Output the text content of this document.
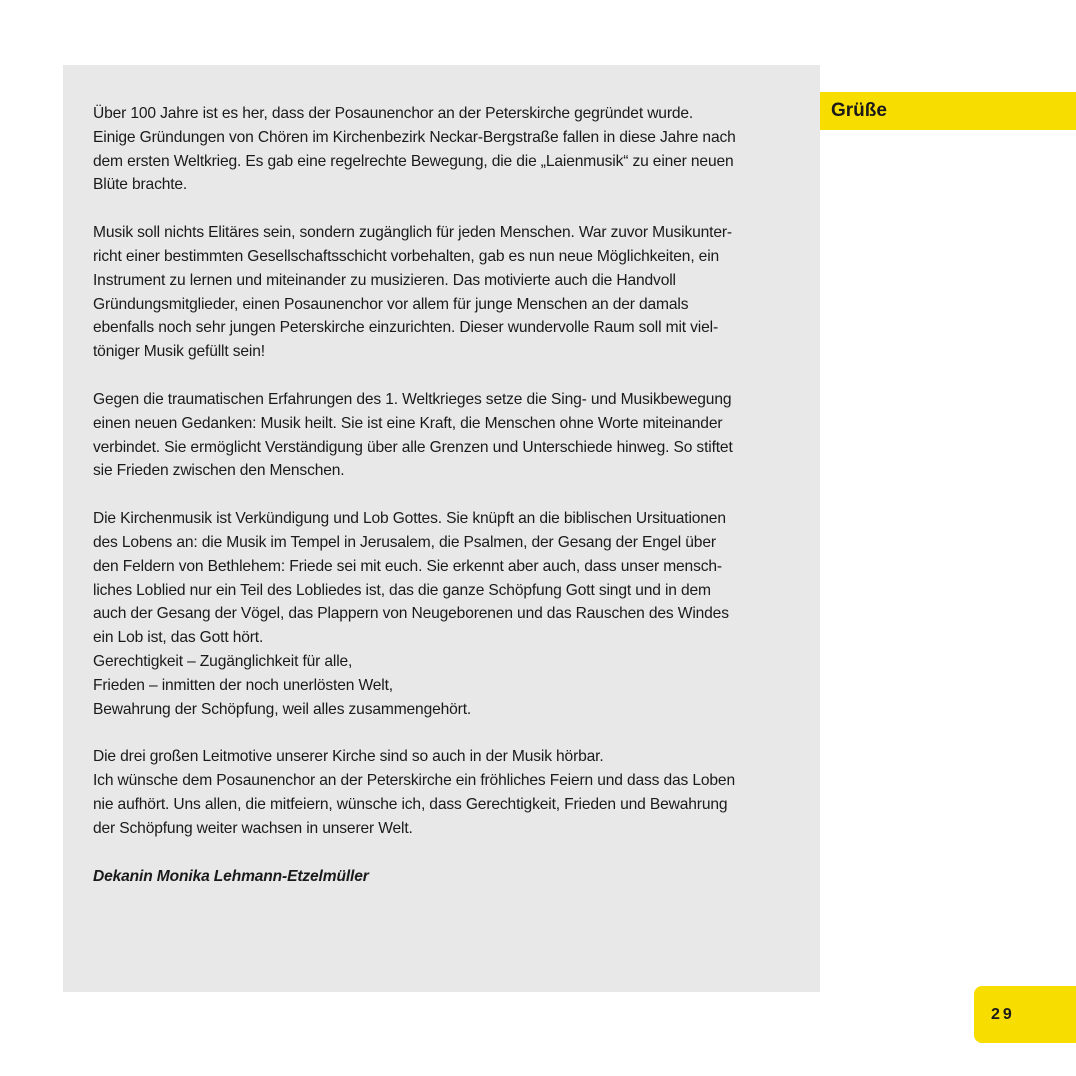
Über 100 Jahre ist es her, dass der Posaunenchor an der Peterskirche gegründet wurde.
Einige Gründungen von Chören im Kirchenbezirk Neckar-Bergstraße fallen in diese Jahre nach
dem ersten Weltkrieg. Es gab eine regelrechte Bewegung, die die „Laienmusik“ zu einer neuen
Blüte brachte.

Musik soll nichts Elitäres sein, sondern zugänglich für jeden Menschen. War zuvor Musikunter-
richt einer bestimmten Gesellschaftsschicht vorbehalten, gab es nun neue Möglichkeiten, ein
Instrument zu lernen und miteinander zu musizieren. Das motivierte auch die Handvoll
Gründungsmitglieder, einen Posaunenchor vor allem für junge Menschen an der damals
ebenfalls noch sehr jungen Peterskirche einzurichten. Dieser wundervolle Raum soll mit viel-
töniger Musik gefüllt sein!

Gegen die traumatischen Erfahrungen des 1. Weltkrieges setze die Sing- und Musikbewegung
einen neuen Gedanken: Musik heilt. Sie ist eine Kraft, die Menschen ohne Worte miteinander
verbindet. Sie ermöglicht Verständigung über alle Grenzen und Unterschiede hinweg. So stiftet
sie Frieden zwischen den Menschen.

Die Kirchenmusik ist Verkündigung und Lob Gottes. Sie knüpft an die biblischen Ursituationen
des Lobens an: die Musik im Tempel in Jerusalem, die Psalmen, der Gesang der Engel über
den Feldern von Bethlehem: Friede sei mit euch. Sie erkennt aber auch, dass unser mensch-
liches Loblied nur ein Teil des Lobliedes ist, das die ganze Schöpfung Gott singt und in dem
auch der Gesang der Vögel, das Plappern von Neugeborenen und das Rauschen des Windes
ein Lob ist, das Gott hört.
Gerechtigkeit – Zugänglichkeit für alle,
Frieden – inmitten der noch unerlösten Welt,
Bewahrung der Schöpfung, weil alles zusammengehört.

Die drei großen Leitmotive unserer Kirche sind so auch in der Musik hörbar.
Ich wünsche dem Posaunenchor an der Peterskirche ein fröhliches Feiern und dass das Loben
nie aufhört. Uns allen, die mitfeiern, wünsche ich, dass Gerechtigkeit, Frieden und Bewahrung
der Schöpfung weiter wachsen in unserer Welt.

Dekanin Monika Lehmann-Etzelmüller

Grüße
29
